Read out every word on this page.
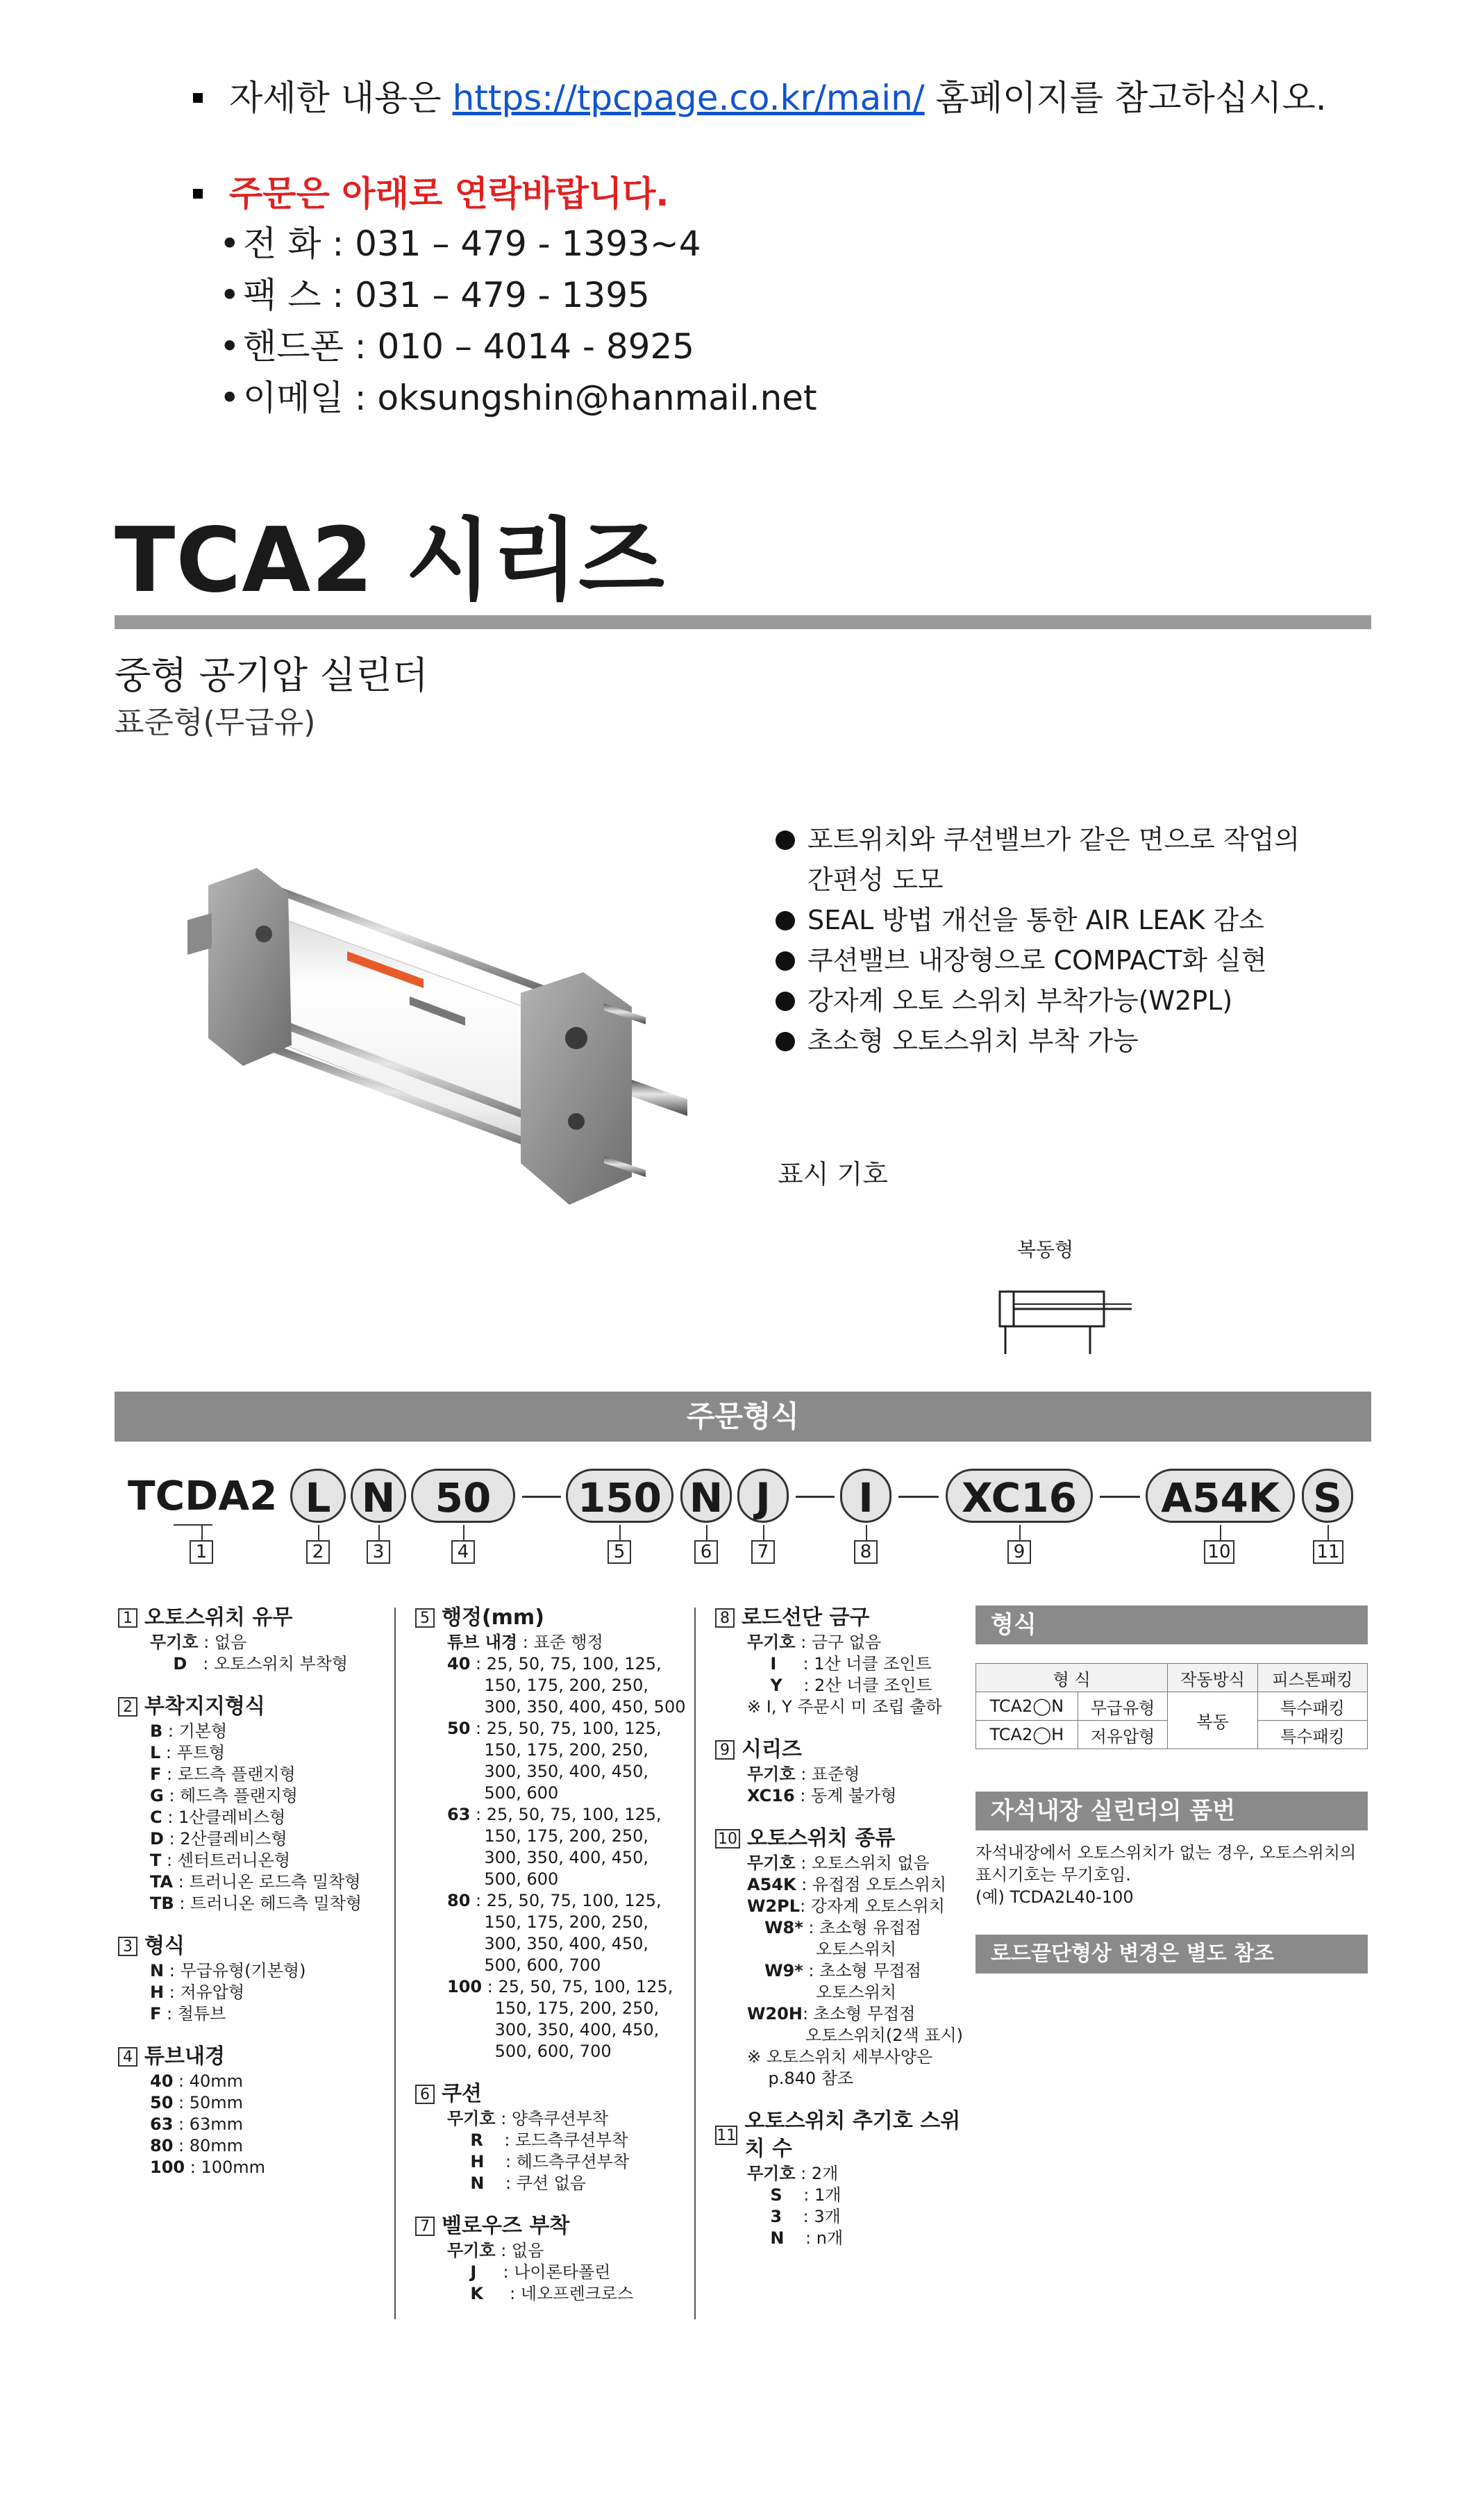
자세한 내용은 https://tpcpage.co.kr/main/ 홈페이지를 참고하십시오.
주문은 아래로 연락바랍니다.
• 전 화 : 031 – 479 - 1393~4
• 팩 스 : 031 – 479 - 1395
• 핸드폰 : 010 – 4014 - 8925
• 이메일 : oksungshin@hanmail.net
TCA2 시리즈
중형 공기압 실린더
표준형(무급유)
포트위치와 쿠션밸브가 같은 면으로 작업의
간편성 도모
SEAL 방법 개선을 통한 AIR LEAK 감소
쿠션밸브 내장형으로 COMPACT화 실현
강자계 오토 스위치 부착가능(W2PL)
초소형 오토스위치 부착 가능
표시 기호
복동형
주문형식
TCDA2 L N 50	150 N J	I	XC16	A54K S
1	2	3	4	5	6	7	8	9	10	11
1 오토스위치 유무
무기호 : 없음
D   : 오토스위치 부착형
2 부착지지형식
B : 기본형
L : 푸트형
F : 로드측 플랜지형
G : 헤드측 플랜지형
C : 1산클레비스형
D : 2산클레비스형
T : 센터트러니온형
TA : 트러니온 로드측 밀착형
TB : 트러니온 헤드측 밀착형
3 형식
N : 무급유형(기본형)
H : 저유압형
F : 철튜브
4 튜브내경
40 : 40mm
50 : 50mm
63 : 63mm
80 : 80mm
100 : 100mm
5 행정(mm)
튜브 내경 : 표준 행정
40 : 25, 50, 75, 100, 125,
150, 175, 200, 250,
300, 350, 400, 450, 500
50 : 25, 50, 75, 100, 125,
150, 175, 200, 250,
300, 350, 400, 450,
500, 600
63 : 25, 50, 75, 100, 125,
150, 175, 200, 250,
300, 350, 400, 450,
500, 600
80 : 25, 50, 75, 100, 125,
150, 175, 200, 250,
300, 350, 400, 450,
500, 600, 700
100 : 25, 50, 75, 100, 125,
150, 175, 200, 250,
300, 350, 400, 450,
500, 600, 700
6 쿠션
무기호 : 양측쿠션부착
R    : 로드측쿠션부착
H    : 헤드측쿠션부착
N    : 쿠션 없음
7 벨로우즈 부착
무기호 : 없음
J     : 나이론타폴린
K     : 네오프렌크로스
8 로드선단 금구
무기호 : 금구 없음
I     : 1산 너클 조인트
Y    : 2산 너클 조인트
※ I, Y 주문시 미 조립 출하
9 시리즈
무기호 : 표준형
XC16 : 동계 불가형
10 오토스위치 종류
무기호 : 오토스위치 없음
A54K : 유접점 오토스위치
W2PL: 강자계 오토스위치
W8* : 초소형 유접점
오토스위치
W9* : 초소형 무접점
오토스위치
W20H: 초소형 무접점
오토스위치(2색 표시)
※ 오토스위치 세부사양은
p.840 참조
11
오토스위치 추기호 스위치 수
무기호 : 2개
S    : 1개
3    : 3개
N    : n개
형식
형 식		작동방식	피스톤패킹
TCA2◯N	무급유형	복동	특수패킹
TCA2◯H	저유압형		특수패킹
자석내장 실린더의 품번
자석내장에서 오토스위치가 없는 경우, 오토스위치의
표시기호는 무기호임.
(예) TCDA2L40-100
로드끝단형상 변경은 별도 참조
